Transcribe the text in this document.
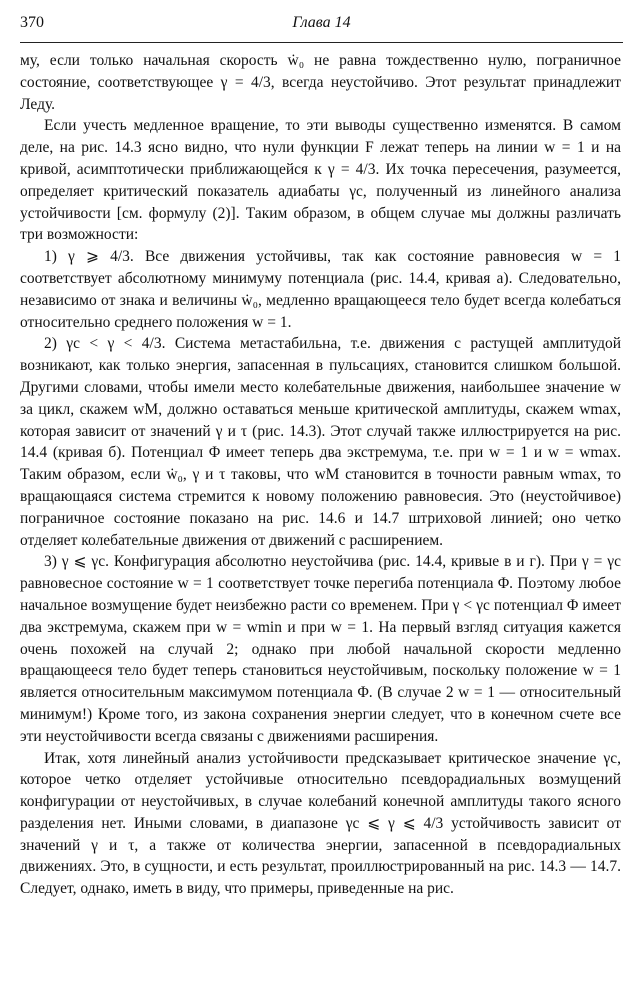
370	Глава 14

му, если только начальная скорость ẇ₀ не равна тождественно нулю, пограничное состояние, соответствующее γ = 4/3, всегда неустойчиво. Этот результат принадлежит Леду.

Если учесть медленное вращение, то эти выводы существенно изменятся. В самом деле, на рис. 14.3 ясно видно, что нули функции F лежат теперь на линии w = 1 и на кривой, асимптотически приближающейся к γ = 4/3. Их точка пересечения, разумеется, определяет критический показатель адиабаты γc, полученный из линейного анализа устойчивости [см. формулу (2)]. Таким образом, в общем случае мы должны различать три возможности:

1) γ ⩾ 4/3. Все движения устойчивы, так как состояние равновесия w = 1 соответствует абсолютному минимуму потенциала (рис. 14.4, кривая а). Следовательно, независимо от знака и величины ẇ₀, медленно вращающееся тело будет всегда колебаться относительно среднего положения w = 1.

2) γc < γ < 4/3. Система метастабильна, т.е. движения с растущей амплитудой возникают, как только энергия, запасенная в пульсациях, становится слишком большой. Другими словами, чтобы имели место колебательные движения, наибольшее значение w за цикл, скажем wM, должно оставаться меньше критической амплитуды, скажем wmax, которая зависит от значений γ и τ (рис. 14.3). Этот случай также иллюстрируется на рис. 14.4 (кривая б). Потенциал Φ имеет теперь два экстремума, т.е. при w = 1 и w = wmax. Таким образом, если ẇ₀, γ и τ таковы, что wM становится в точности равным wmax, то вращающаяся система стремится к новому положению равновесия. Это (неустойчивое) пограничное состояние показано на рис. 14.6 и 14.7 штриховой линией; оно четко отделяет колебательные движения от движений с расширением.

3) γ ⩽ γc. Конфигурация абсолютно неустойчива (рис. 14.4, кривые в и г). При γ = γc равновесное состояние w = 1 соответствует точке перегиба потенциала Φ. Поэтому любое начальное возмущение будет неизбежно расти со временем. При γ < γc потенциал Φ имеет два экстремума, скажем при w = wmin и при w = 1. На первый взгляд ситуация кажется очень похожей на случай 2; однако при любой начальной скорости медленно вращающееся тело будет теперь становиться неустойчивым, поскольку положение w = 1 является относительным максимумом потенциала Φ. (В случае 2 w = 1 — относительный минимум!) Кроме того, из закона сохранения энергии следует, что в конечном счете все эти неустойчивости всегда связаны с движениями расширения.

Итак, хотя линейный анализ устойчивости предсказывает критическое значение γc, которое четко отделяет устойчивые относительно псевдорадиальных возмущений конфигурации от неустойчивых, в случае колебаний конечной амплитуды такого ясного разделения нет. Иными словами, в диапазоне γc ⩽ γ ⩽ 4/3 устойчивость зависит от значений γ и τ, а также от количества энергии, запасенной в псевдорадиальных движениях. Это, в сущности, и есть результат, проиллюстрированный на рис. 14.3 — 14.7. Следует, однако, иметь в виду, что примеры, приведенные на рис.
